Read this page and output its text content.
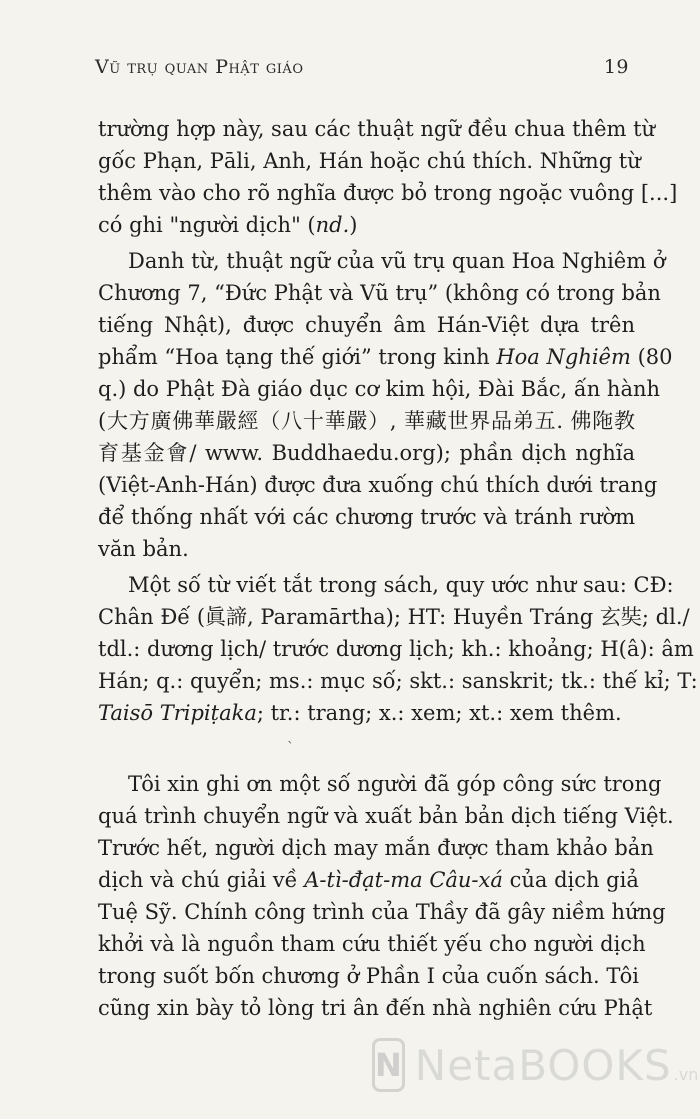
Vũ trụ quan Phật giáo	19
trường hợp này, sau các thuật ngữ đều chua thêm từ
gốc Phạn, Pāli, Anh, Hán hoặc chú thích. Những từ
thêm vào cho rõ nghĩa được bỏ trong ngoặc vuông [...]
có ghi "người dịch" (nd.)
Danh từ, thuật ngữ của vũ trụ quan Hoa Nghiêm ở
Chương 7, “Đức Phật và Vũ trụ” (không có trong bản
tiếng Nhật), được chuyển âm Hán-Việt dựa trên
phẩm “Hoa tạng thế giới” trong kinh Hoa Nghiêm (80
q.) do Phật Đà giáo dục cơ kim hội, Đài Bắc, ấn hành
(大方廣佛華嚴經（八十華嚴）, 華藏世界品弟五. 佛陁教
育基金會/ www. Buddhaedu.org); phần dịch nghĩa
(Việt-Anh-Hán) được đưa xuống chú thích dưới trang
để thống nhất với các chương trước và tránh rườm
văn bản.
Một số từ viết tắt trong sách, quy ước như sau: CĐ:
Chân Đế (眞諦, Paramārtha); HT: Huyền Tráng 玄奘; dl./
tdl.: dương lịch/ trước dương lịch; kh.: khoảng; H(â): âm
Hán; q.: quyển; ms.: mục số; skt.: sanskrit; tk.: thế kỉ; T:
Taisō Tripiṭaka; tr.: trang; x.: xem; xt.: xem thêm.
ˋ
Tôi xin ghi ơn một số người đã góp công sức trong
quá trình chuyển ngữ và xuất bản bản dịch tiếng Việt.
Trước hết, người dịch may mắn được tham khảo bản
dịch và chú giải về A-tì-đạt-ma Câu-xá của dịch giả
Tuệ Sỹ. Chính công trình của Thầy đã gây niềm hứng
khởi và là nguồn tham cứu thiết yếu cho người dịch
trong suốt bốn chương ở Phần I của cuốn sách. Tôi
cũng xin bày tỏ lòng tri ân đến nhà nghiên cứu Phật
N NetaBOOKS .vn
